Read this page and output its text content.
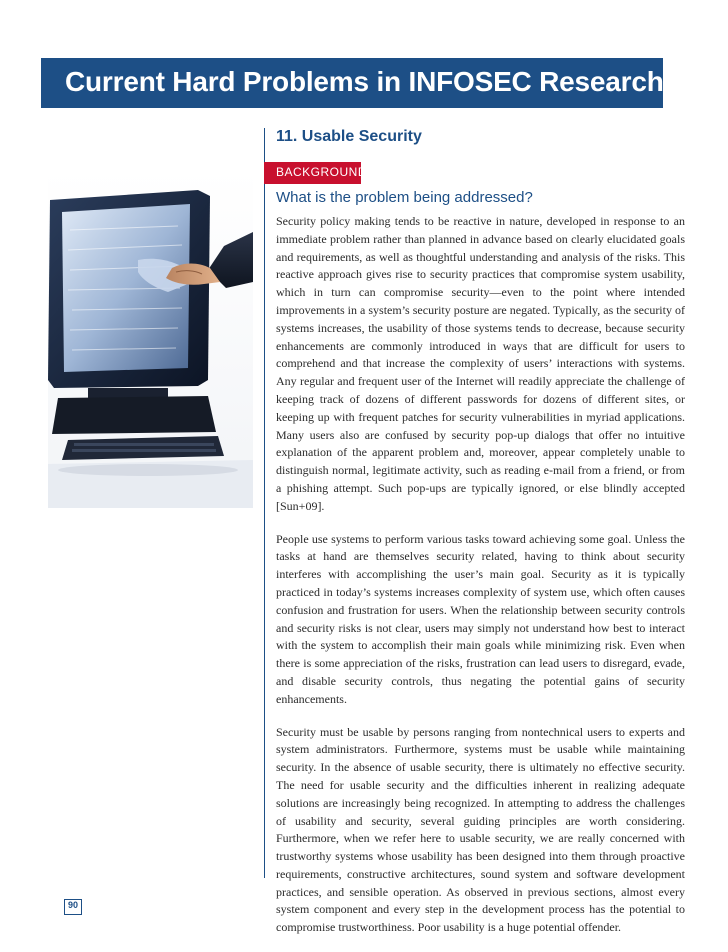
Current Hard Problems in INFOSEC Research
11. Usable Security
BACKGROUND
What is the problem being addressed?

Security policy making tends to be reactive in nature, developed in response to an immediate problem rather than planned in advance based on clearly elucidated goals and requirements, as well as thoughtful understanding and analysis of the risks. This reactive approach gives rise to security practices that compromise system usability, which in turn can compromise security—even to the point where intended improvements in a system’s security posture are negated. Typically, as the security of systems increases, the usability of those systems tends to decrease, because security enhancements are commonly introduced in ways that are difficult for users to comprehend and that increase the complexity of users’ interactions with systems. Any regular and frequent user of the Internet will readily appreciate the challenge of keeping track of dozens of different passwords for dozens of different sites, or keeping up with frequent patches for security vulnerabilities in myriad applications. Many users also are confused by security pop-up dialogs that offer no intuitive explanation of the apparent problem and, moreover, appear completely unable to distinguish normal, legitimate activity, such as reading e-mail from a friend, or from a phishing attempt. Such pop-ups are typically ignored, or else blindly accepted [Sun+09].

People use systems to perform various tasks toward achieving some goal. Unless the tasks at hand are themselves security related, having to think about security interferes with accomplishing the user’s main goal. Security as it is typically practiced in today’s systems increases complexity of system use, which often causes confusion and frustration for users. When the relationship between security controls and security risks is not clear, users may simply not understand how best to interact with the system to accomplish their main goals while minimizing risk. Even when there is some appreciation of the risks, frustration can lead users to disregard, evade, and disable security controls, thus negating the potential gains of security enhancements.

Security must be usable by persons ranging from nontechnical users to experts and system administrators. Furthermore, systems must be usable while maintaining security. In the absence of usable security, there is ultimately no effective security. The need for usable security and the difficulties inherent in realizing adequate solutions are increasingly being recognized. In attempting to address the challenges of usability and security, several guiding principles are worth considering. Furthermore, when we refer here to usable security, we are really concerned with trustworthy systems whose usability has been designed into them through proactive requirements, constructive architectures, sound system and software development practices, and sensible operation. As observed in previous sections, almost every system component and every step in the development process has the potential to compromise trustworthiness. Poor usability is a huge potential offender.

90
